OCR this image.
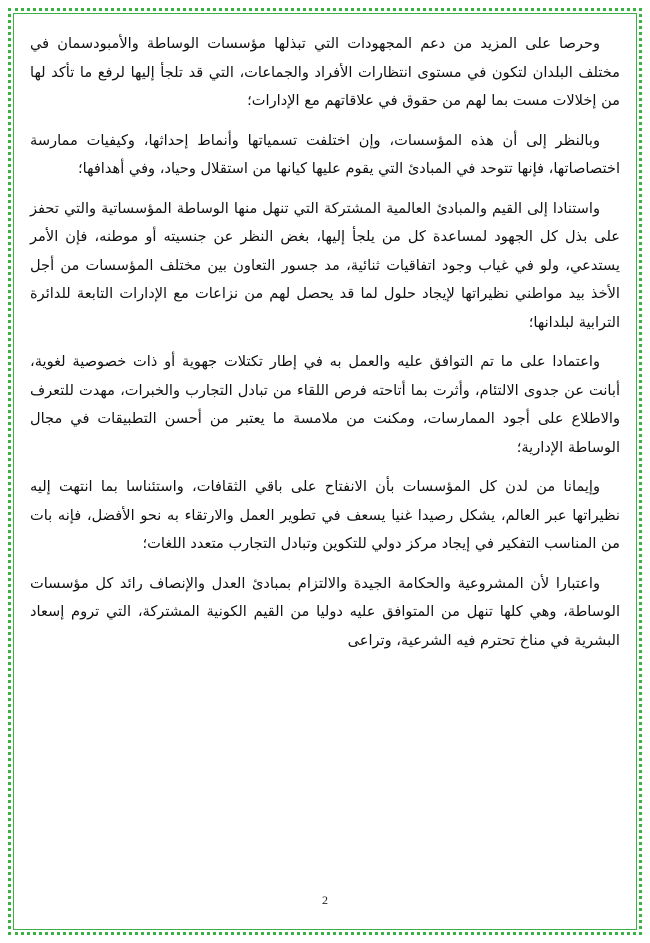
وحرصا على المزيد من دعم المجهودات التي تبذلها مؤسسات الوساطة والأمبودسمان في مختلف البلدان لتكون في مستوى انتظارات الأفراد والجماعات، التي قد تلجأ إليها لرفع ما تأكد لها من إخلالات مست بما لهم من حقوق في علاقاتهم مع الإدارات؛

وبالنظر إلى أن هذه المؤسسات، وإن اختلفت تسمياتها وأنماط إحداثها، وكيفيات ممارسة اختصاصاتها، فإنها تتوحد في المبادئ التي يقوم عليها كيانها من استقلال وحياد، وفي أهدافها؛

واستنادا إلى القيم والمبادئ العالمية المشتركة التي تنهل منها الوساطة المؤسساتية والتي تحفز على بذل كل الجهود لمساعدة كل من يلجأ إليها، بغض النظر عن جنسيته أو موطنه، فإن الأمر يستدعي، ولو في غياب وجود اتفاقيات ثنائية، مد جسور التعاون بين مختلف المؤسسات من أجل الأخذ بيد مواطني نظيراتها لإيجاد حلول لما قد يحصل لهم من نزاعات مع الإدارات التابعة للدائرة الترابية لبلدانها؛

واعتمادا على ما تم التوافق عليه والعمل به في إطار تكتلات جهوية أو ذات خصوصية لغوية، أبانت عن جدوى الالتئام، وأثرت بما أتاحته فرص اللقاء من تبادل التجارب والخبرات، مهدت للتعرف والاطلاع على أجود الممارسات، ومكنت من ملامسة ما يعتبر من أحسن التطبيقات في مجال الوساطة الإدارية؛

وإيمانا من لدن كل المؤسسات بأن الانفتاح على باقي الثقافات، واستئناسا بما انتهت إليه نظيراتها عبر العالم، يشكل رصيدا غنيا يسعف في تطوير العمل والارتقاء به نحو الأفضل، فإنه بات من المناسب التفكير في إيجاد مركز دولي للتكوين وتبادل التجارب متعدد اللغات؛

واعتبارا لأن المشروعية والحكامة الجيدة والالتزام بمبادئ العدل والإنصاف رائد كل مؤسسات الوساطة، وهي كلها تنهل من المتوافق عليه دوليا من القيم الكونية المشتركة، التي تروم إسعاد البشرية في مناخ تحترم فيه الشرعية، وتراعى

2
